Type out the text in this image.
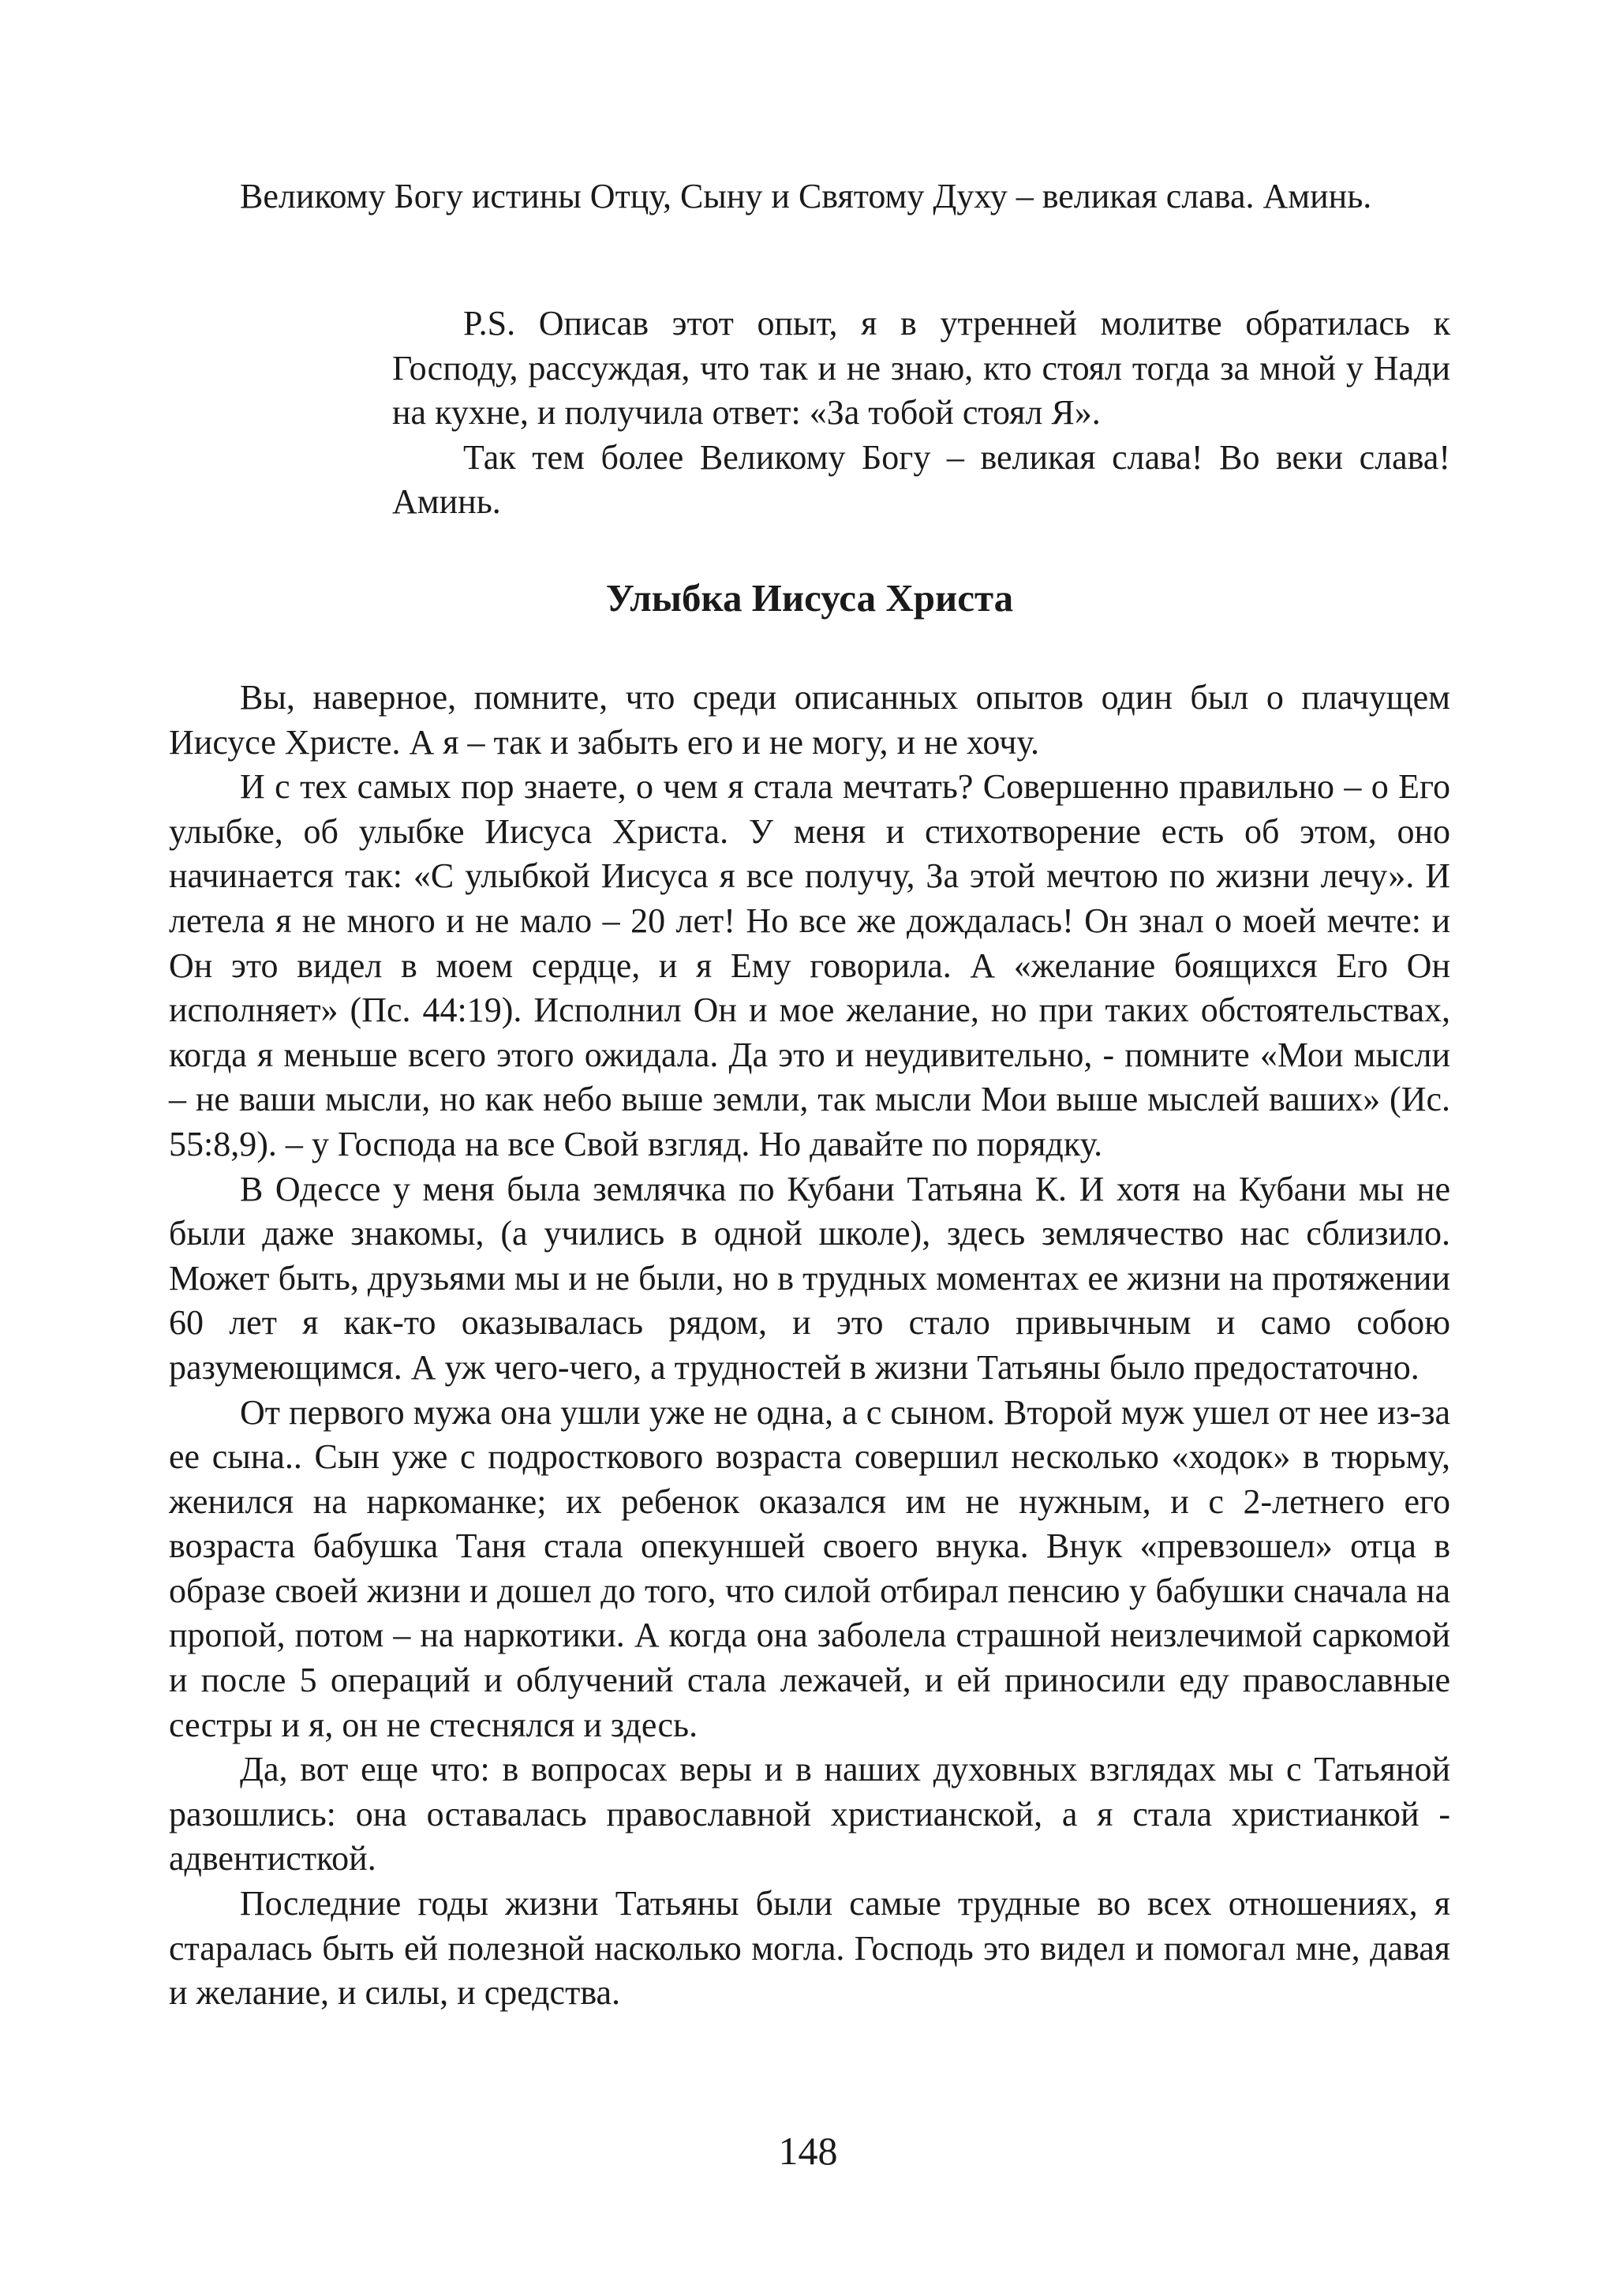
Великому Богу истины Отцу, Сыну и Святому Духу – великая слава. Аминь.

P.S. Описав этот опыт, я в утренней молитве обратилась к Господу, рассуждая, что так и не знаю, кто стоял тогда за мной у Нади на кухне, и получила ответ: «За тобой стоял Я».

Так тем более Великому Богу – великая слава! Во веки слава! Аминь.

Улыбка Иисуса Христа

Вы, наверное, помните, что среди описанных опытов один был о плачущем Иисусе Христе. А я – так и забыть его и не могу, и не хочу.

И с тех самых пор знаете, о чем я стала мечтать? Совершенно правильно – о Его улыбке, об улыбке Иисуса Христа. У меня и стихотворение есть об этом, оно начинается так: «С улыбкой Иисуса я все получу, За этой мечтою по жизни лечу». И летела я не много и не мало – 20 лет! Но все же дождалась! Он знал о моей мечте: и Он это видел в моем сердце, и я Ему говорила. А «желание боящихся Его Он исполняет» (Пс. 44:19). Исполнил Он и мое желание, но при таких обстоятельствах, когда я меньше всего этого ожидала. Да это и неудивительно, - помните «Мои мысли – не ваши мысли, но как небо выше земли, так мысли Мои выше мыслей ваших» (Ис. 55:8,9). – у Господа на все Свой взгляд. Но давайте по порядку.

В Одессе у меня была землячка по Кубани Татьяна К. И хотя на Кубани мы не были даже знакомы, (а учились в одной школе), здесь землячество нас сблизило. Может быть, друзьями мы и не были, но в трудных моментах ее жизни на протяжении 60 лет я как-то оказывалась рядом, и это стало привычным и само собою разумеющимся. А уж чего-чего, а трудностей в жизни Татьяны было предостаточно.

От первого мужа она ушли уже не одна, а с сыном. Второй муж ушел от нее из-за ее сына.. Сын уже с подросткового возраста совершил несколько «ходок» в тюрьму, женился на наркоманке; их ребенок оказался им не нужным, и с 2-летнего его возраста бабушка Таня стала опекуншей своего внука. Внук «превзошел» отца в образе своей жизни и дошел до того, что силой отбирал пенсию у бабушки сначала на пропой, потом – на наркотики. А когда она заболела страшной неизлечимой саркомой и после 5 операций и облучений стала лежачей, и ей приносили еду православные сестры и я, он не стеснялся и здесь.

Да, вот еще что: в вопросах веры и в наших духовных взглядах мы с Татьяной разошлись: она оставалась православной христианской, а я стала христианкой - адвентисткой.

Последние годы жизни Татьяны были самые трудные во всех отношениях, я старалась быть ей полезной насколько могла. Господь это видел и помогал мне, давая и желание, и силы, и средства.

148
